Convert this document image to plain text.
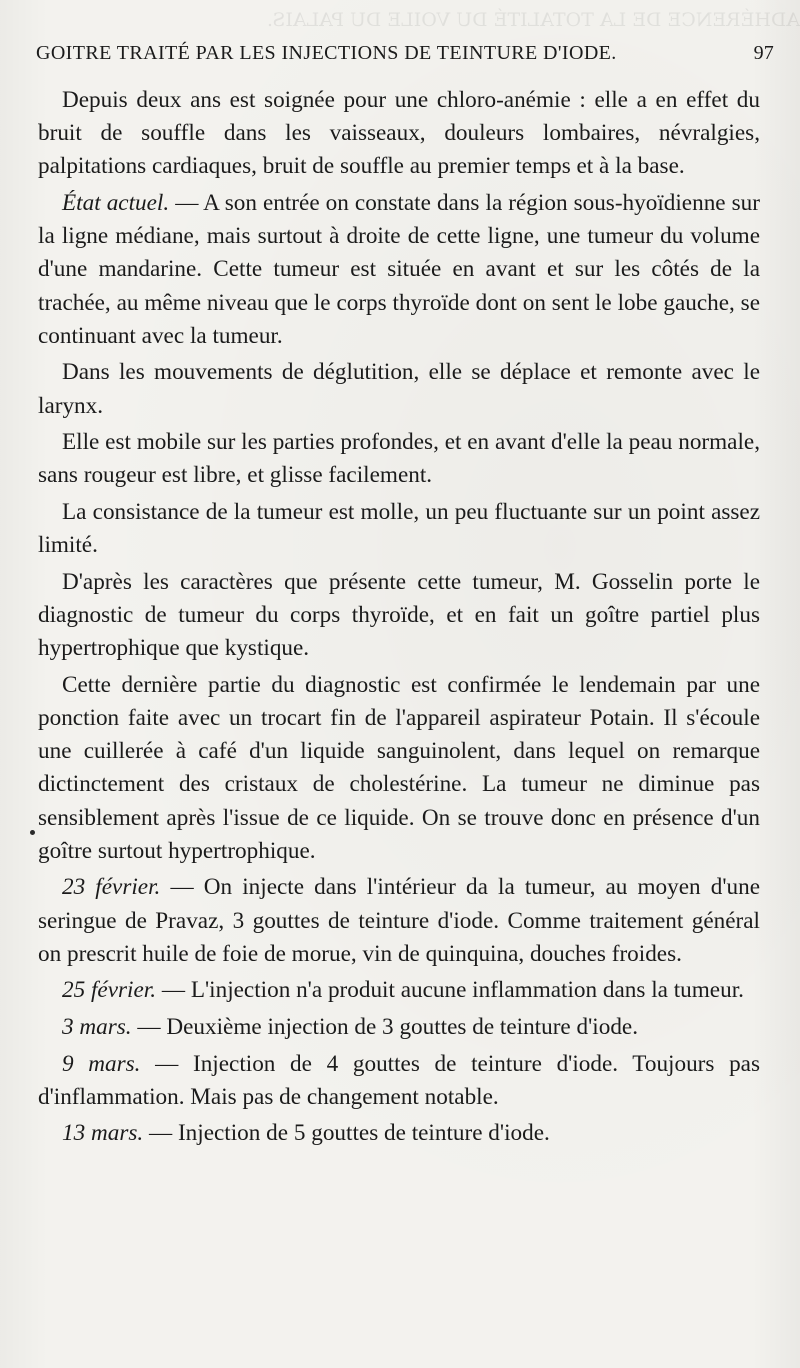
ADHÉRENCE DE LA TOTALITÉ DU VOILE DU PALAIS.
GOITRE TRAITÉ PAR LES INJECTIONS DE TEINTURE D'IODE.	97

Depuis deux ans est soignée pour une chloro-anémie : elle a en effet du bruit de souffle dans les vaisseaux, douleurs lombaires, névralgies, palpitations cardiaques, bruit de souffle au premier temps et à la base.

État actuel. — A son entrée on constate dans la région sous-hyoïdienne sur la ligne médiane, mais surtout à droite de cette ligne, une tumeur du volume d'une mandarine. Cette tumeur est située en avant et sur les côtés de la trachée, au même niveau que le corps thyroïde dont on sent le lobe gauche, se continuant avec la tumeur.

Dans les mouvements de déglutition, elle se déplace et remonte avec le larynx.

Elle est mobile sur les parties profondes, et en avant d'elle la peau normale, sans rougeur est libre, et glisse facilement.

La consistance de la tumeur est molle, un peu fluctuante sur un point assez limité.

D'après les caractères que présente cette tumeur, M. Gosselin porte le diagnostic de tumeur du corps thyroïde, et en fait un goître partiel plus hypertrophique que kystique.

Cette dernière partie du diagnostic est confirmée le lendemain par une ponction faite avec un trocart fin de l'appareil aspirateur Potain. Il s'écoule une cuillerée à café d'un liquide sanguinolent, dans lequel on remarque dictinctement des cristaux de cholestérine. La tumeur ne diminue pas sensiblement après l'issue de ce liquide. On se trouve donc en présence d'un goître surtout hypertrophique.

23 février. — On injecte dans l'intérieur da la tumeur, au moyen d'une seringue de Pravaz, 3 gouttes de teinture d'iode. Comme traitement général on prescrit huile de foie de morue, vin de quinquina, douches froides.

25 février. — L'injection n'a produit aucune inflammation dans la tumeur.

3 mars. — Deuxième injection de 3 gouttes de teinture d'iode.

9 mars. — Injection de 4 gouttes de teinture d'iode. Toujours pas d'inflammation. Mais pas de changement notable.

13 mars. — Injection de 5 gouttes de teinture d'iode.
